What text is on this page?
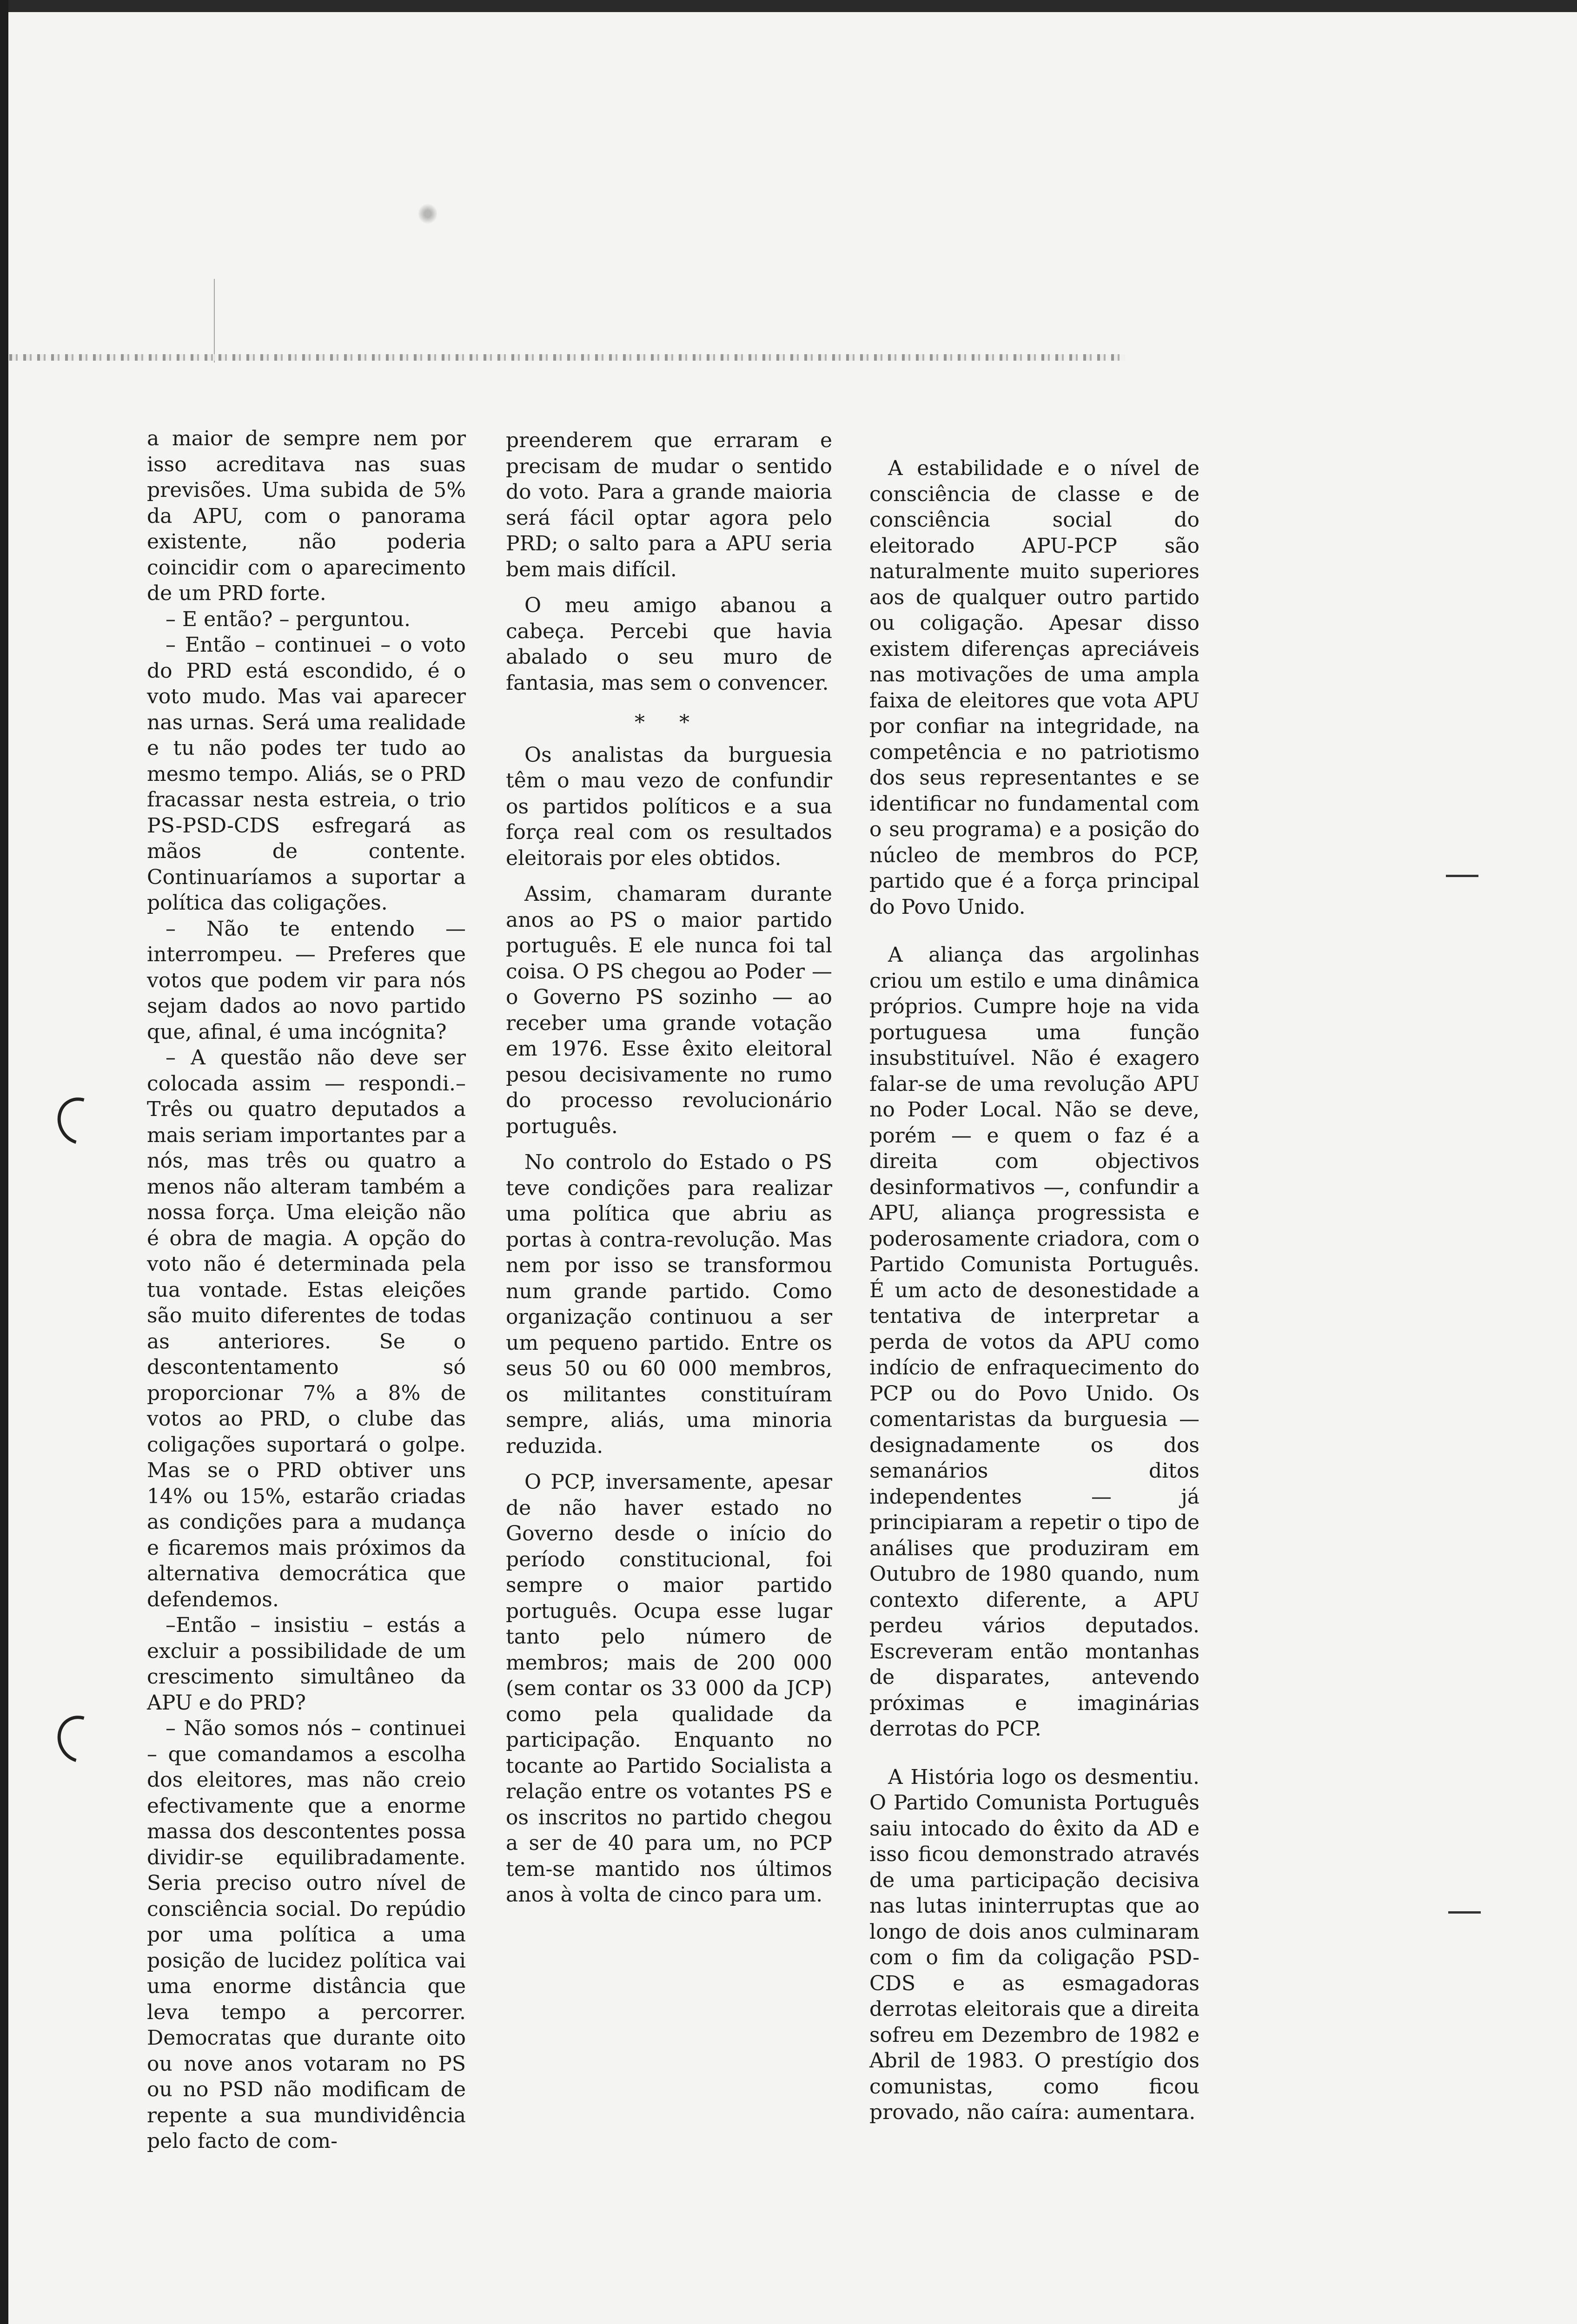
a maior de sempre nem por isso acreditava nas suas previsões. Uma subida de 5% da APU, com o panorama existente, não poderia coincidir com o aparecimento de um PRD forte.

– E então? – perguntou.

– Então – continuei – o voto do PRD está escondido, é o voto mudo. Mas vai aparecer nas urnas. Será uma realidade e tu não podes ter tudo ao mesmo tempo. Aliás, se o PRD fracassar nesta estreia, o trio PS-PSD-CDS esfregará as mãos de contente. Continuaríamos a suportar a política das coligações.

– Não te entendo — interrompeu. — Preferes que votos que podem vir para nós sejam dados ao novo partido que, afinal, é uma incógnita?

– A questão não deve ser colocada assim — respondi.– Três ou quatro deputados a mais seriam importantes par a nós, mas três ou quatro a menos não alteram também a nossa força. Uma eleição não é obra de magia. A opção do voto não é determinada pela tua vontade. Estas eleições são muito diferentes de todas as anteriores. Se o descontentamento só proporcionar 7% a 8% de votos ao PRD, o clube das coligações suportará o golpe. Mas se o PRD obtiver uns 14% ou 15%, estarão criadas as condições para a mudança e ficaremos mais próximos da alternativa democrática que defendemos.

–Então – insistiu – estás a excluir a possibilidade de um crescimento simultâneo da APU e do PRD?

– Não somos nós – continuei – que comandamos a escolha dos eleitores, mas não creio efectivamente que a enorme massa dos descontentes possa dividir-se equilibradamente. Seria preciso outro nível de consciência social. Do repúdio por uma política a uma posição de lucidez política vai uma enorme distância que leva tempo a percorrer. Democratas que durante oito ou nove anos votaram no PS ou no PSD não modificam de repente a sua mundividência pelo facto de com-

preenderem que erraram e precisam de mudar o sentido do voto. Para a grande maioria será fácil optar agora pelo PRD; o salto para a APU seria bem mais difícil.

O meu amigo abanou a cabeça. Percebi que havia abalado o seu muro de fantasia, mas sem o convencer.

* *

Os analistas da burguesia têm o mau vezo de confundir os partidos políticos e a sua força real com os resultados eleitorais por eles obtidos.

Assim, chamaram durante anos ao PS o maior partido português. E ele nunca foi tal coisa. O PS chegou ao Poder — o Governo PS sozinho — ao receber uma grande votação em 1976. Esse êxito eleitoral pesou decisivamente no rumo do processo revolucionário português.

No controlo do Estado o PS teve condições para realizar uma política que abriu as portas à contra-revolução. Mas nem por isso se transformou num grande partido. Como organização continuou a ser um pequeno partido. Entre os seus 50 ou 60 000 membros, os militantes constituíram sempre, aliás, uma minoria reduzida.

O PCP, inversamente, apesar de não haver estado no Governo desde o início do período constitucional, foi sempre o maior partido português. Ocupa esse lugar tanto pelo número de membros; mais de 200 000 (sem contar os 33 000 da JCP) como pela qualidade da participação. Enquanto no tocante ao Partido Socialista a relação entre os votantes PS e os inscritos no partido chegou a ser de 40 para um, no PCP tem-se mantido nos últimos anos à volta de cinco para um.

A estabilidade e o nível de consciência de classe e de consciência social do eleitorado APU-PCP são naturalmente muito superiores aos de qualquer outro partido ou coligação. Apesar disso existem diferenças apreciáveis nas motivações de uma ampla faixa de eleitores que vota APU por confiar na integridade, na competência e no patriotismo dos seus representantes e se identificar no fundamental com o seu programa) e a posição do núcleo de membros do PCP, partido que é a força principal do Povo Unido.

A aliança das argolinhas criou um estilo e uma dinâmica próprios. Cumpre hoje na vida portuguesa uma função insubstituível. Não é exagero falar-se de uma revolução APU no Poder Local. Não se deve, porém — e quem o faz é a direita com objectivos desinformativos —, confundir a APU, aliança progressista e poderosamente criadora, com o Partido Comunista Português. É um acto de desonestidade a tentativa de interpretar a perda de votos da APU como indício de enfraquecimento do PCP ou do Povo Unido. Os comentaristas da burguesia — designadamente os dos semanários ditos independentes — já principiaram a repetir o tipo de análises que produziram em Outubro de 1980 quando, num contexto diferente, a APU perdeu vários deputados. Escreveram então montanhas de disparates, antevendo próximas e imaginárias derrotas do PCP.

A História logo os desmentiu. O Partido Comunista Português saiu intocado do êxito da AD e isso ficou demonstrado através de uma participação decisiva nas lutas ininterruptas que ao longo de dois anos culminaram com o fim da coligação PSD-CDS e as esmagadoras derrotas eleitorais que a direita sofreu em Dezembro de 1982 e Abril de 1983. O prestígio dos comunistas, como ficou provado, não caíra: aumentara.
